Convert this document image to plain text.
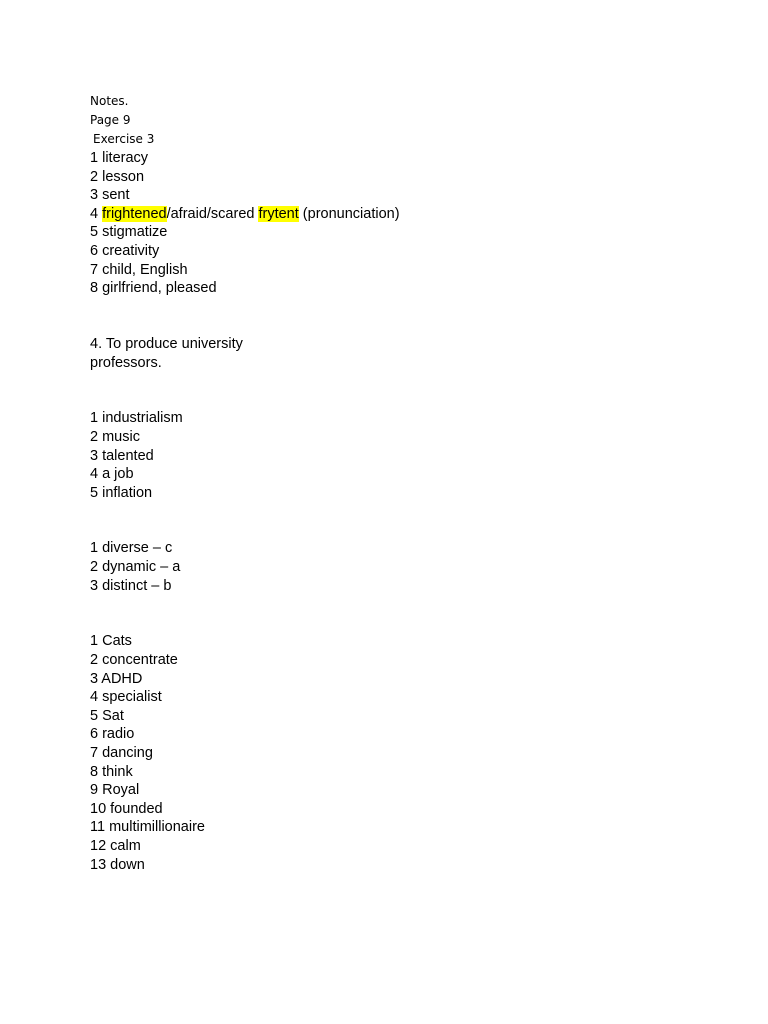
Notes.
Page 9
Exercise 3
1 literacy
2 lesson
3 sent
4 frightened/afraid/scared frytent (pronunciation)
5 stigmatize
6 creativity
7 child, English
8 girlfriend, pleased
4. To produce university
professors.
1 industrialism
2 music
3 talented
4 a job
5 inflation
1 diverse – c
2 dynamic – a
3 distinct – b
1 Cats
2 concentrate
3 ADHD
4 specialist
5 Sat
6 radio
7 dancing
8 think
9 Royal
10 founded
11 multimillionaire
12 calm
13 down
